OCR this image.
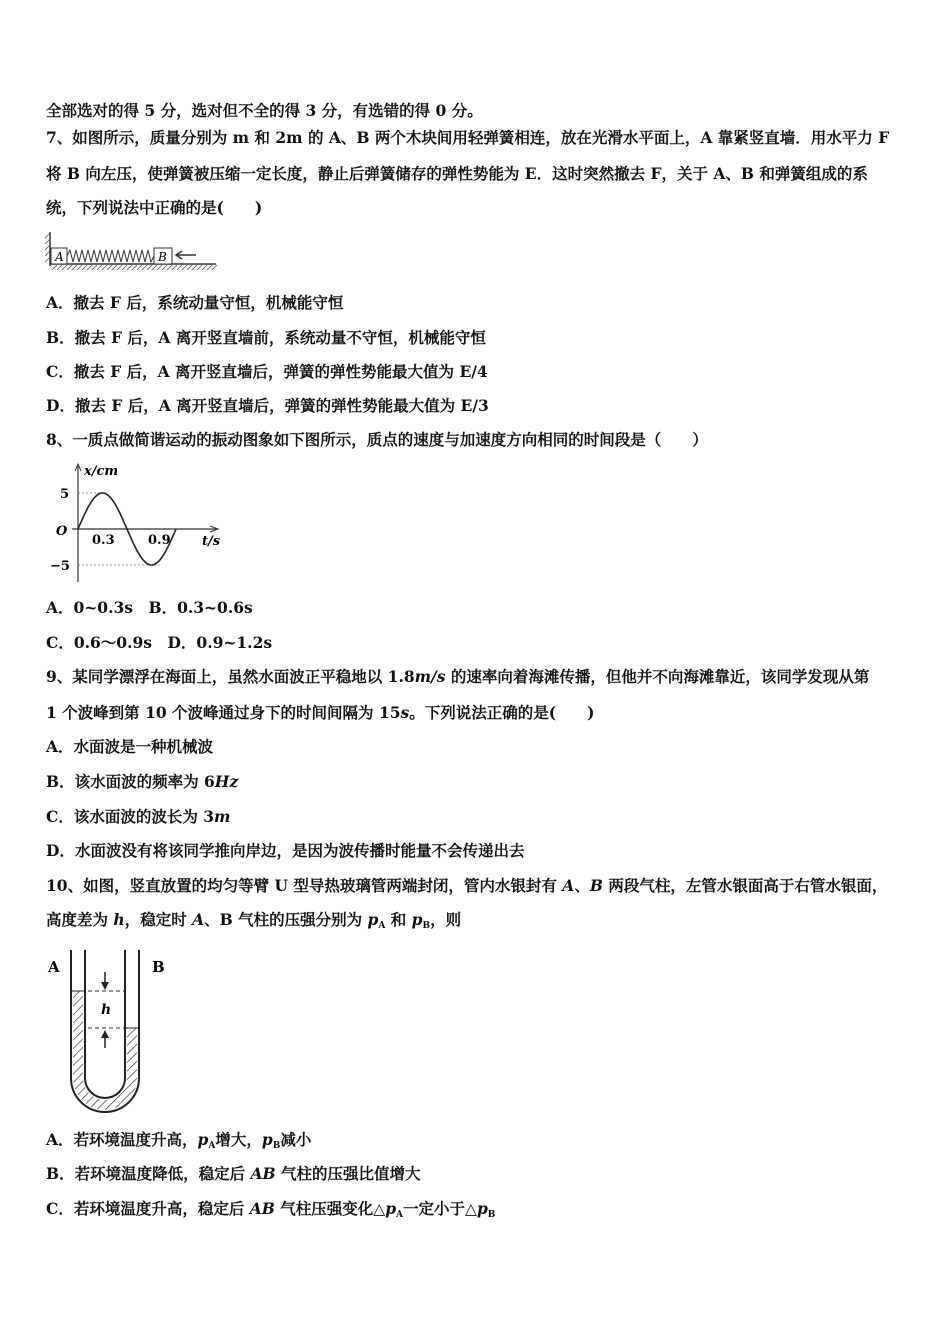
全部选对的得 5 分，选对但不全的得 3 分，有选错的得 0 分。
7、如图所示，质量分别为 m 和 2m 的 A、B 两个木块间用轻弹簧相连，放在光滑水平面上，A 靠紧竖直墙．用水平力 F
将 B 向左压，使弹簧被压缩一定长度，静止后弹簧储存的弹性势能为 E．这时突然撤去 F，关于 A、B 和弹簧组成的系
统，下列说法中正确的是(　　)
A．撤去 F 后，系统动量守恒，机械能守恒
B．撤去 F 后，A 离开竖直墙前，系统动量不守恒，机械能守恒
C．撤去 F 后，A 离开竖直墙后，弹簧的弹性势能最大值为 E/4
D．撤去 F 后，A 离开竖直墙后，弹簧的弹性势能最大值为 E/3
8、一质点做简谐运动的振动图象如下图所示，质点的速度与加速度方向相同的时间段是（　　）
A．0~0.3s　B．0.3~0.6s
C．0.6～0.9s　D．0.9~1.2s
9、某同学漂浮在海面上，虽然水面波正平稳地以 1.8m/s 的速率向着海滩传播，但他并不向海滩靠近，该同学发现从第
1 个波峰到第 10 个波峰通过身下的时间间隔为 15s。下列说法正确的是(　　)
A．水面波是一种机械波
B．该水面波的频率为 6Hz
C．该水面波的波长为 3m
D．水面波没有将该同学推向岸边，是因为波传播时能量不会传递出去
10、如图，竖直放置的均匀等臂 U 型导热玻璃管两端封闭，管内水银封有 A、B 两段气柱，左管水银面高于右管水银面，
高度差为 h，稳定时 A、B 气柱的压强分别为 $p_A$ 和 $p_B$，则
A．若环境温度升高，$p_A$增大，$p_B$减小
B．若环境温度降低，稳定后 AB 气柱的压强比值增大
C．若环境温度升高，稳定后 AB 气柱压强变化$\triangle p_A$一定小于$\triangle p_B$
A	B
x/cm
t/s
O
5
−5
0.3	0.9
A	B
h
